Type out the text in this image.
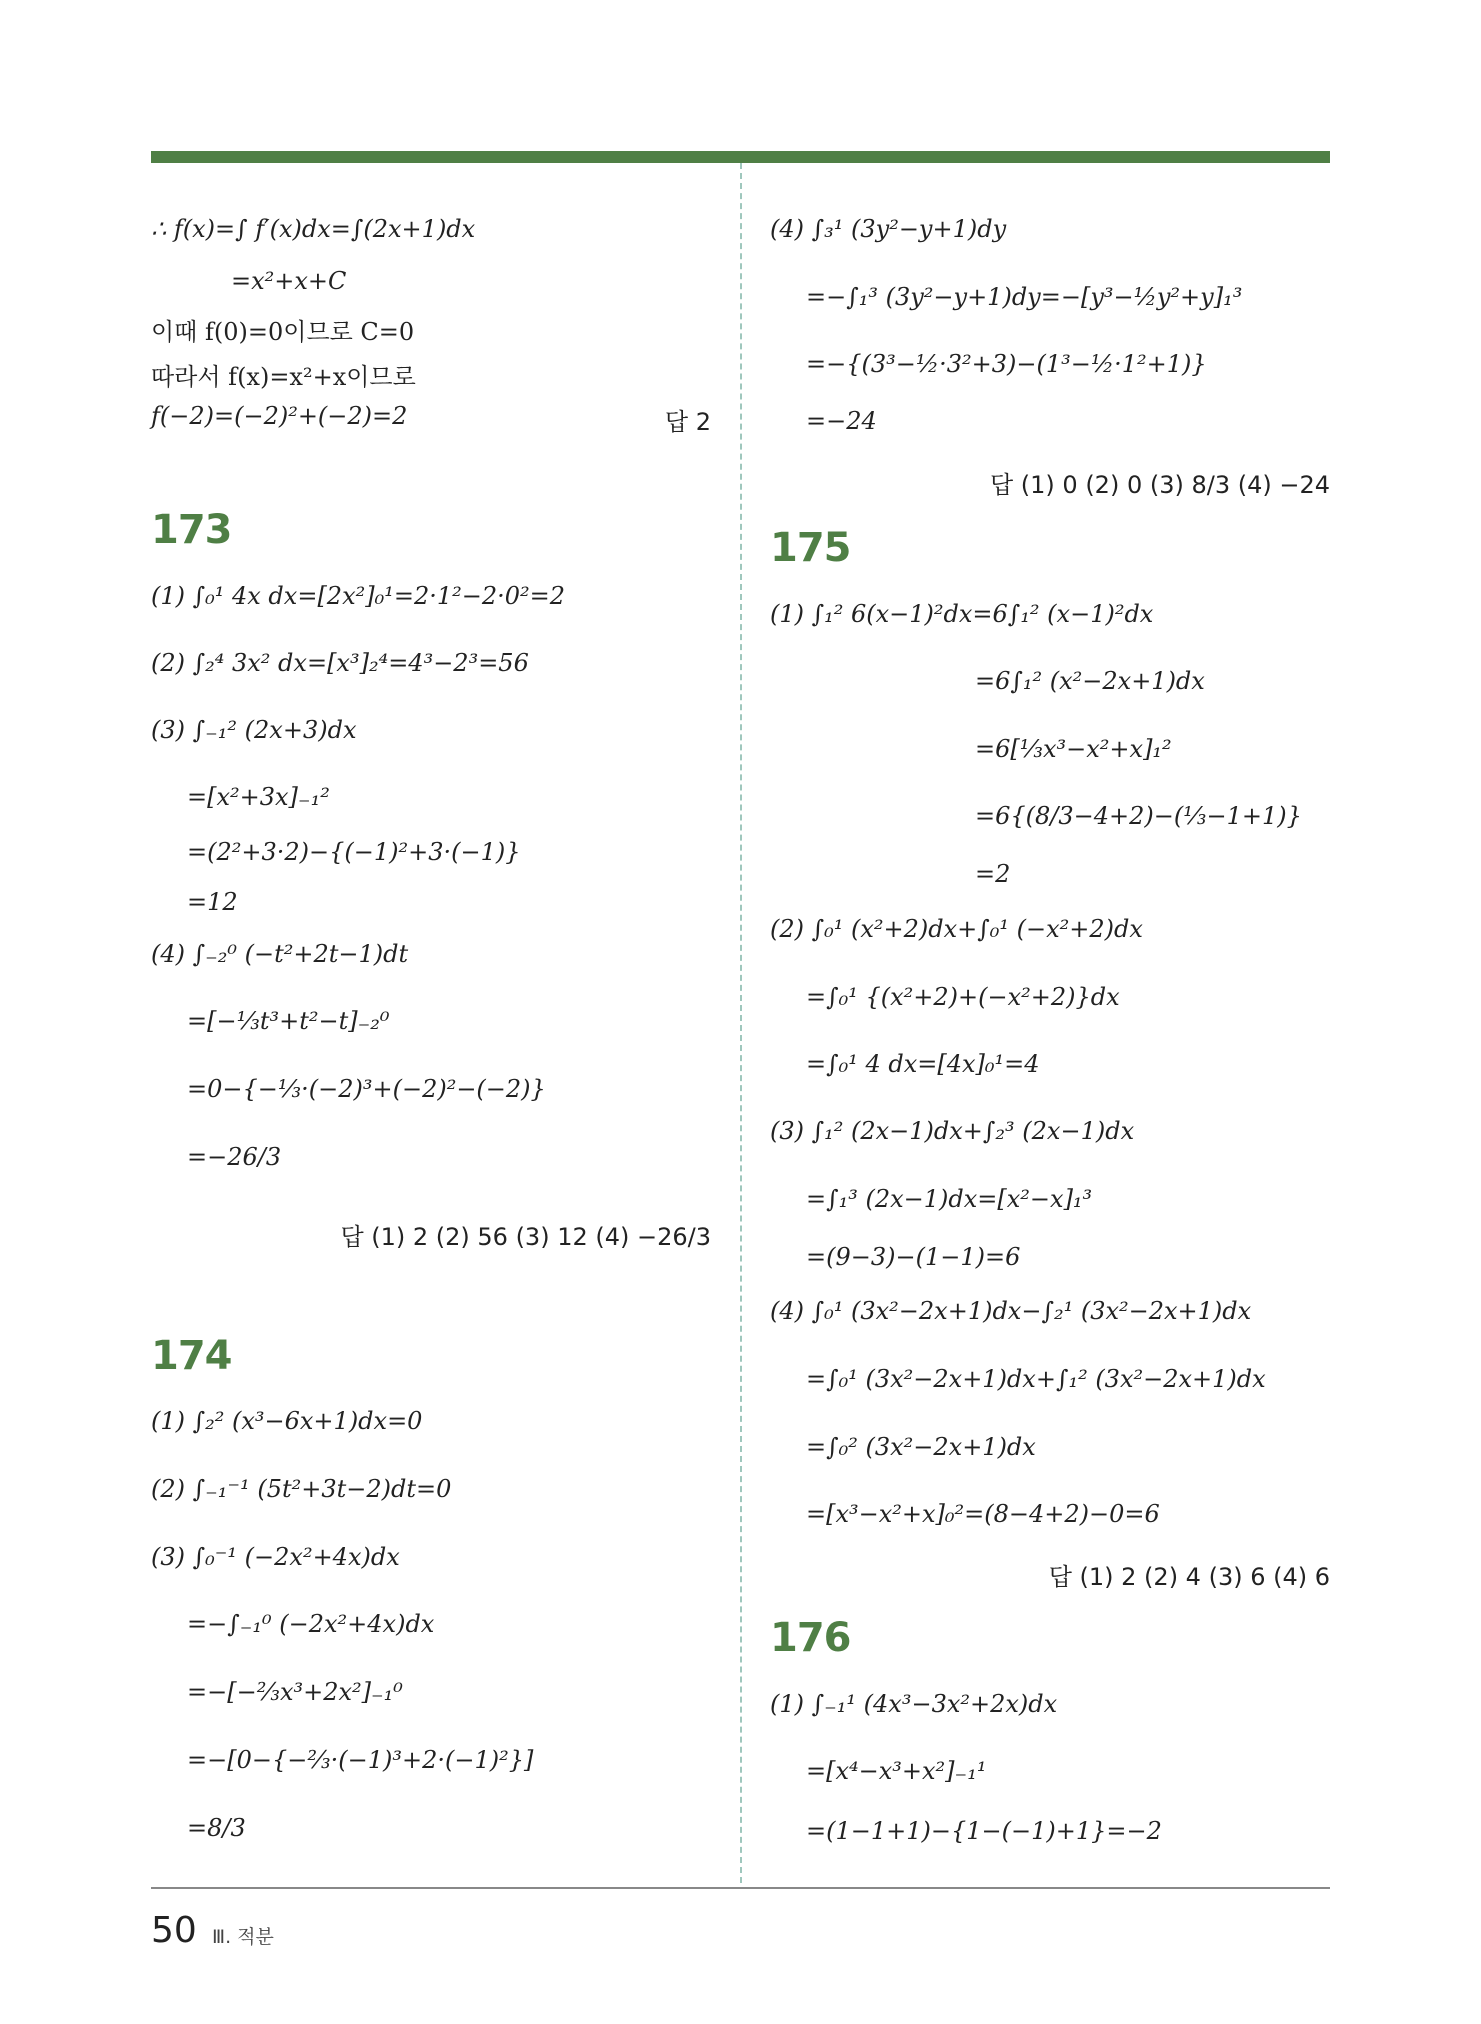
∴ f(x)=∫ f′(x)dx=∫(2x+1)dx
=x²+x+C
이때 f(0)=0이므로 C=0
따라서 f(x)=x²+x이므로
f(−2)=(−2)²+(−2)=2	답 2
173
(1) ∫₀¹ 4x dx=[2x²]₀¹=2·1²−2·0²=2
(2) ∫₂⁴ 3x² dx=[x³]₂⁴=4³−2³=56
(3) ∫₋₁² (2x+3)dx
=[x²+3x]₋₁²
=(2²+3·2)−{(−1)²+3·(−1)}
=12
(4) ∫₋₂⁰ (−t²+2t−1)dt
=[−⅓t³+t²−t]₋₂⁰
=0−{−⅓·(−2)³+(−2)²−(−2)}
=−26/3
답 (1) 2 (2) 56 (3) 12 (4) −26/3
174
(1) ∫₂² (x³−6x+1)dx=0
(2) ∫₋₁⁻¹ (5t²+3t−2)dt=0
(3) ∫₀⁻¹ (−2x²+4x)dx
=−∫₋₁⁰ (−2x²+4x)dx
=−[−⅔x³+2x²]₋₁⁰
=−[0−{−⅔·(−1)³+2·(−1)²}]
=8/3
(4) ∫₃¹ (3y²−y+1)dy
=−∫₁³ (3y²−y+1)dy=−[y³−½y²+y]₁³
=−{(3³−½·3²+3)−(1³−½·1²+1)}
=−24
답 (1) 0 (2) 0 (3) 8/3 (4) −24
175
(1) ∫₁² 6(x−1)²dx=6∫₁² (x−1)²dx
=6∫₁² (x²−2x+1)dx
=6[⅓x³−x²+x]₁²
=6{(8/3−4+2)−(⅓−1+1)}
=2
(2) ∫₀¹ (x²+2)dx+∫₀¹ (−x²+2)dx
=∫₀¹ {(x²+2)+(−x²+2)}dx
=∫₀¹ 4 dx=[4x]₀¹=4
(3) ∫₁² (2x−1)dx+∫₂³ (2x−1)dx
=∫₁³ (2x−1)dx=[x²−x]₁³
=(9−3)−(1−1)=6
(4) ∫₀¹ (3x²−2x+1)dx−∫₂¹ (3x²−2x+1)dx
=∫₀¹ (3x²−2x+1)dx+∫₁² (3x²−2x+1)dx
=∫₀² (3x²−2x+1)dx
=[x³−x²+x]₀²=(8−4+2)−0=6
답 (1) 2 (2) 4 (3) 6 (4) 6
176
(1) ∫₋₁¹ (4x³−3x²+2x)dx
=[x⁴−x³+x²]₋₁¹
=(1−1+1)−{1−(−1)+1}=−2
50 Ⅲ. 적분
